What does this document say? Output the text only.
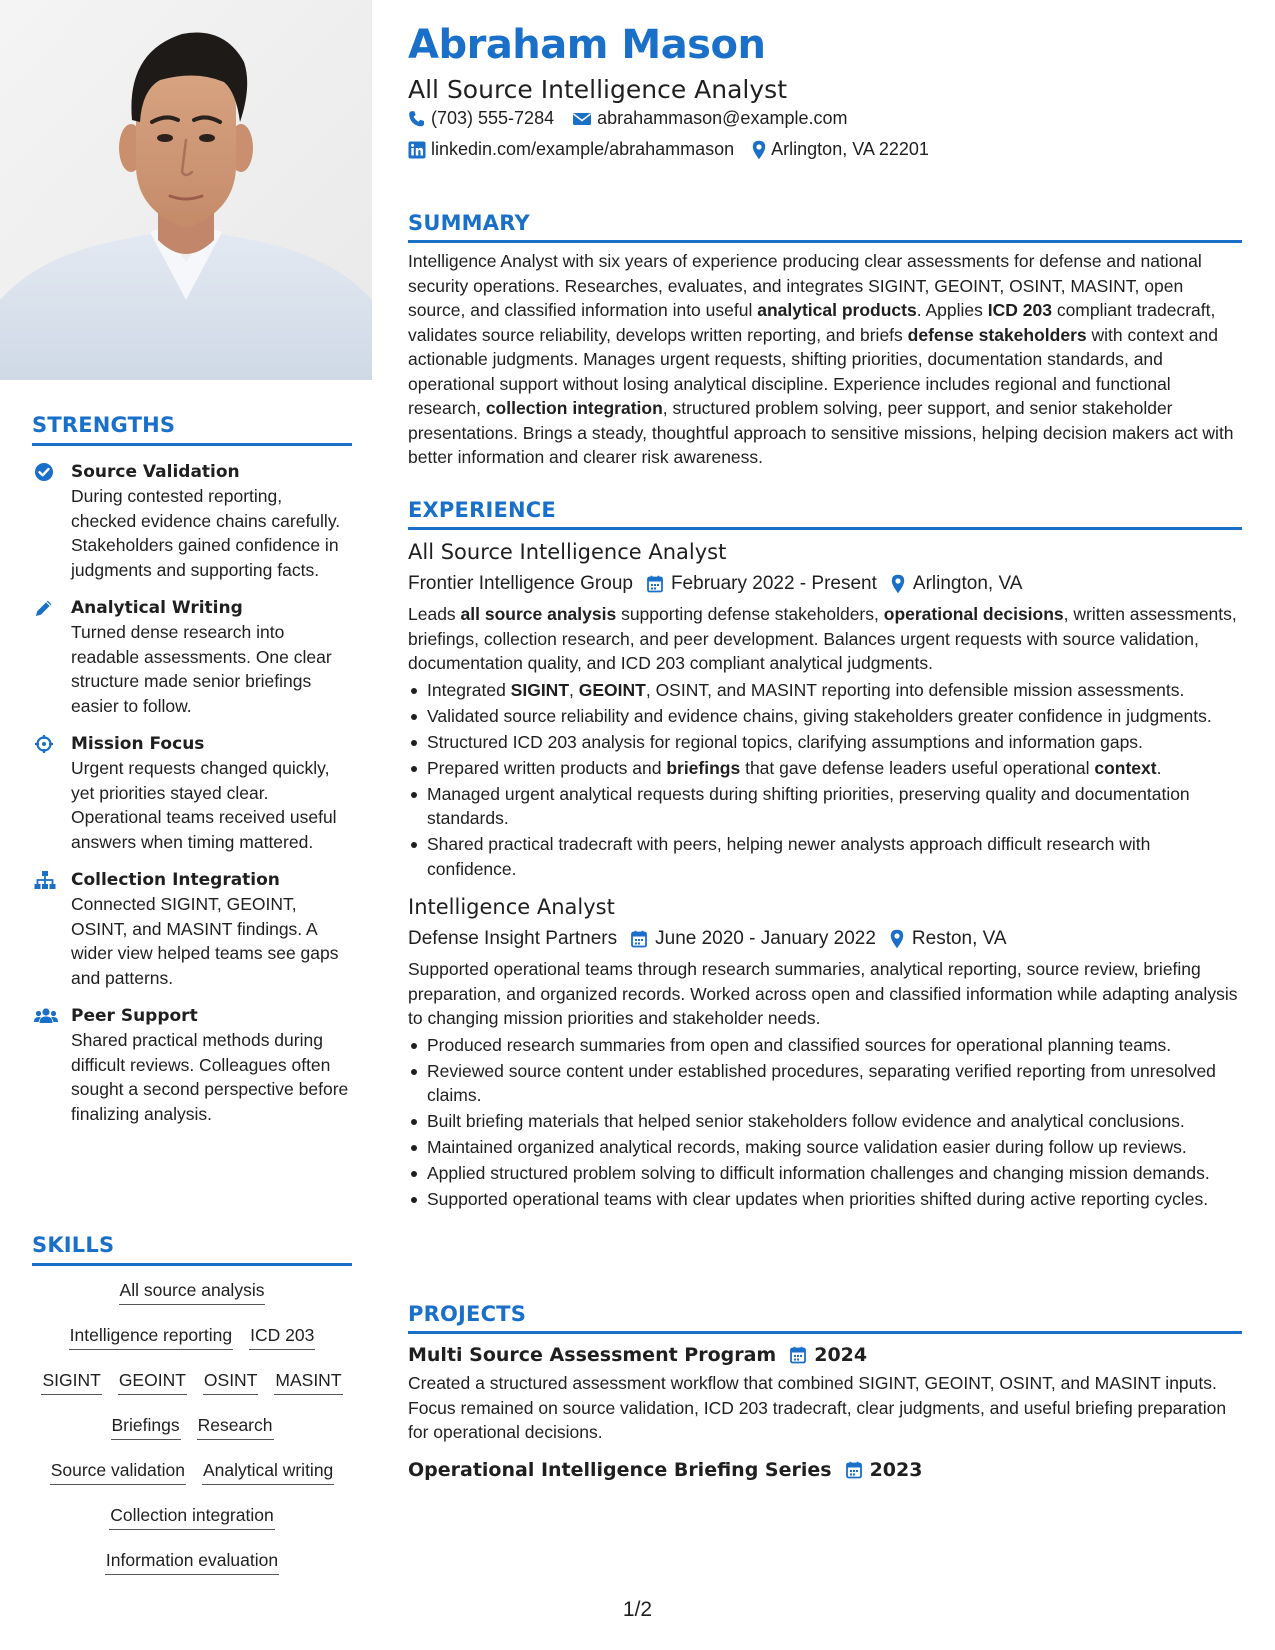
STRENGTHS
Source Validation
During contested reporting, checked evidence chains carefully. Stakeholders gained confidence in judgments and supporting facts.
Analytical Writing
Turned dense research into readable assessments. One clear structure made senior briefings easier to follow.
Mission Focus
Urgent requests changed quickly, yet priorities stayed clear. Operational teams received useful answers when timing mattered.
Collection Integration
Connected SIGINT, GEOINT, OSINT, and MASINT findings. A wider view helped teams see gaps and patterns.
Peer Support
Shared practical methods during difficult reviews. Colleagues often sought a second perspective before finalizing analysis.
SKILLS
All source analysis
Intelligence reporting ICD 203
SIGINT GEOINT OSINT MASINT
Briefings Research
Source validation Analytical writing
Collection integration
Information evaluation
Abraham Mason
All Source Intelligence Analyst
(703) 555-7284 abrahammason@example.com
linkedin.com/example/abrahammason Arlington, VA 22201
SUMMARY
Intelligence Analyst with six years of experience producing clear assessments for defense and national security operations. Researches, evaluates, and integrates SIGINT, GEOINT, OSINT, MASINT, open source, and classified information into useful analytical products. Applies ICD 203 compliant tradecraft, validates source reliability, develops written reporting, and briefs defense stakeholders with context and actionable judgments. Manages urgent requests, shifting priorities, documentation standards, and operational support without losing analytical discipline. Experience includes regional and functional research, collection integration, structured problem solving, peer support, and senior stakeholder presentations. Brings a steady, thoughtful approach to sensitive missions, helping decision makers act with better information and clearer risk awareness.
EXPERIENCE
All Source Intelligence Analyst
Frontier Intelligence Group February 2022 - Present Arlington, VA
Leads all source analysis supporting defense stakeholders, operational decisions, written assessments, briefings, collection research, and peer development. Balances urgent requests with source validation, documentation quality, and ICD 203 compliant analytical judgments.
Integrated SIGINT, GEOINT, OSINT, and MASINT reporting into defensible mission assessments.
Validated source reliability and evidence chains, giving stakeholders greater confidence in judgments.
Structured ICD 203 analysis for regional topics, clarifying assumptions and information gaps.
Prepared written products and briefings that gave defense leaders useful operational context.
Managed urgent analytical requests during shifting priorities, preserving quality and documentation standards.
Shared practical tradecraft with peers, helping newer analysts approach difficult research with confidence.
Intelligence Analyst
Defense Insight Partners June 2020 - January 2022 Reston, VA
Supported operational teams through research summaries, analytical reporting, source review, briefing preparation, and organized records. Worked across open and classified information while adapting analysis to changing mission priorities and stakeholder needs.
Produced research summaries from open and classified sources for operational planning teams.
Reviewed source content under established procedures, separating verified reporting from unresolved claims.
Built briefing materials that helped senior stakeholders follow evidence and analytical conclusions.
Maintained organized analytical records, making source validation easier during follow up reviews.
Applied structured problem solving to difficult information challenges and changing mission demands.
Supported operational teams with clear updates when priorities shifted during active reporting cycles.
PROJECTS
Multi Source Assessment Program 2024
Created a structured assessment workflow that combined SIGINT, GEOINT, OSINT, and MASINT inputs. Focus remained on source validation, ICD 203 tradecraft, clear judgments, and useful briefing preparation for operational decisions.
Operational Intelligence Briefing Series 2023
1/2
